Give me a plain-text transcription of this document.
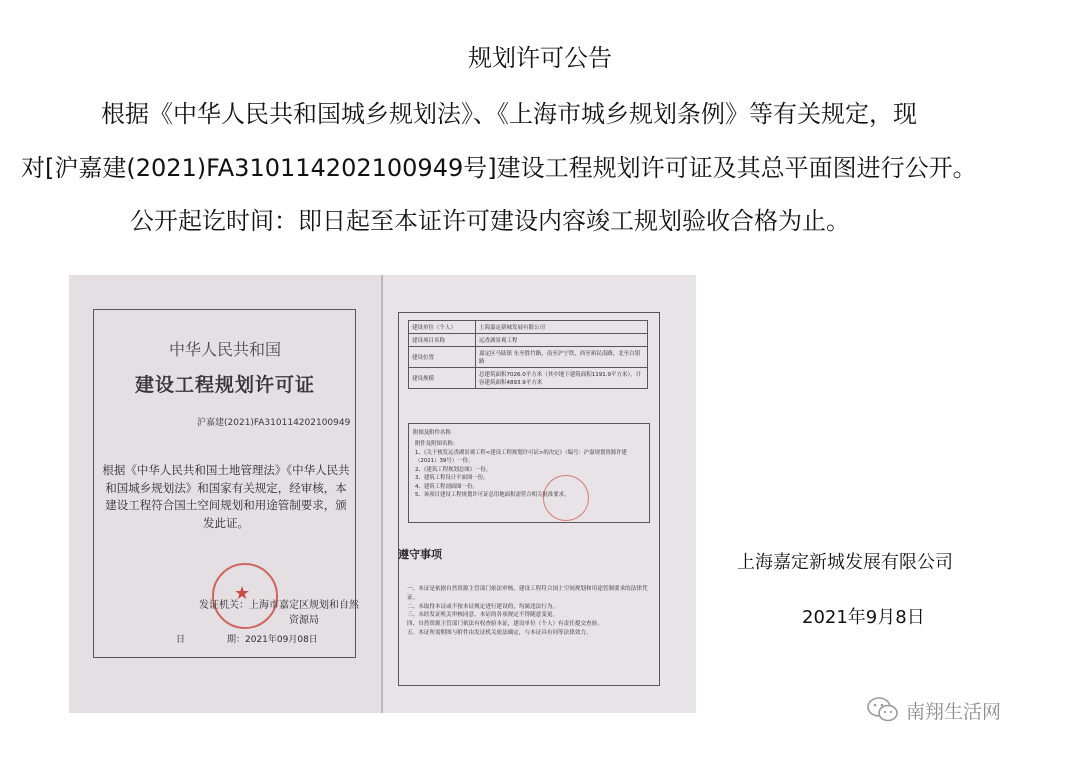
规划许可公告
根据《中华人民共和国城乡规划法》、《上海市城乡规划条例》等有关规定，现
对[沪嘉建(2021)FA310114202100949号]建设工程规划许可证及其总平面图进行公开。
公开起讫时间：即日起至本证许可建设内容竣工规划验收合格为止。
中华人民共和国
建设工程规划许可证
沪嘉建(2021)FA310114202100949
根据《中华人民共和国土地管理法》《中华人民共和国城乡规划法》和国家有关规定，经审核，本建设工程符合国土空间规划和用途管制要求，颁发此证。
★
发证机关：上海市嘉定区规划和自然
资源局
日	期：2021年09月08日
建设单位（个人）	上海嘉定新城发展有限公司
建设项目名称	远香湖景观工程
建设位置	嘉定区马陆镇 东至胜竹路，南至沪宁铁，西至裕民南路，北至白银路
建设规模	总建筑面积7026.0平方米（其中地下建筑面积1191.9平方米），计容建筑面积4893.9平方米
附图及附件名称
附件及附图名称：
1、《关于核发远香湖景观工程<建设工程规划许可证>的决定》（编号：沪嘉规划资源许建（2021）39号）一份。
2、《建筑工程规划总图》一份。
3、建筑工程设计平面图一份。
4、建筑工程剖面图一份。
5、该项目建设工程规划许可证总用地面积需符合相关批准要求。
遵守事项
一、本证是依据自然资源主管部门依法审核，建设工程符合国土空间规划和用途管制要求的法律凭证。
二、未取得本证或不按本证规定进行建设的，均属违法行为。
三、未经发证机关审核同意，本证的各项规定不得随意变更。
四、自然资源主管部门依法有权查验本证，建设单位（个人）有责任提交查验。
五、本证所需附图与附件由发证机关依法确定，与本证具有同等法律效力。
上海嘉定新城发展有限公司
2021年9月8日
南翔生活网
